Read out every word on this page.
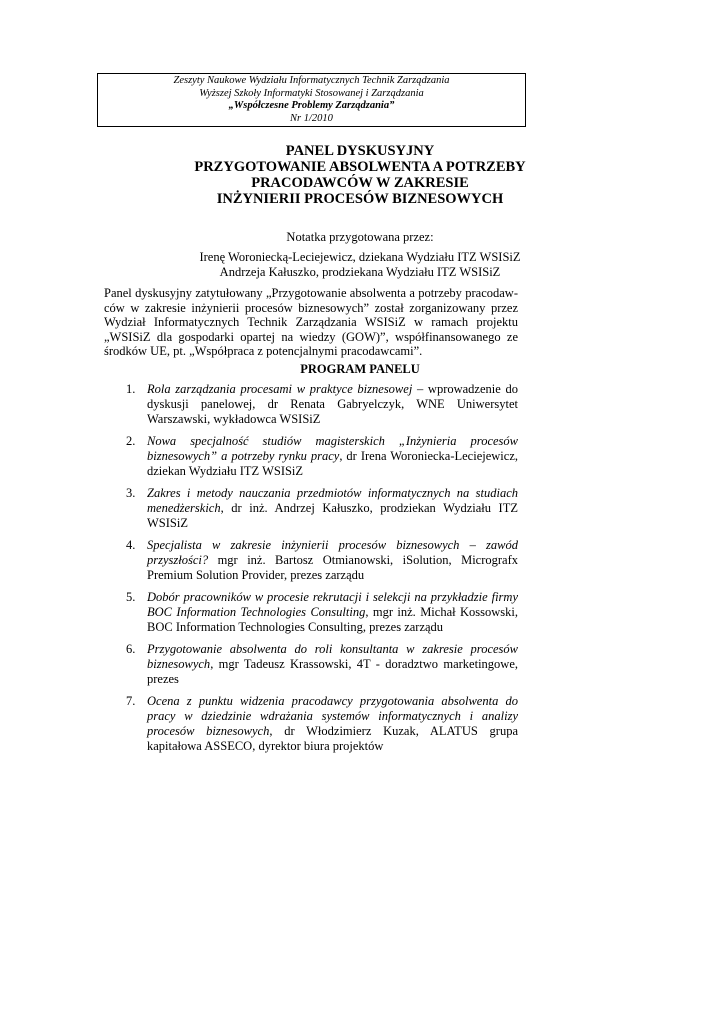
Zeszyty Naukowe Wydziału Informatycznych Technik Zarządzania
Wyższej Szkoły Informatyki Stosowanej i Zarządzania
„Współczesne Problemy Zarządzania”
Nr 1/2010
PANEL DYSKUSYJNY
PRZYGOTOWANIE ABSOLWENTA A POTRZEBY
PRACODAWCÓW W ZAKRESIE
INŻYNIERII PROCESÓW BIZNESOWYCH
Notatka przygotowana przez:
Irenę Woroniecką-Leciejewicz, dziekana Wydziału ITZ WSISiZ
Andrzeja Kałuszko, prodziekana Wydziału ITZ WSISiZ
Panel dyskusyjny zatytułowany „Przygotowanie absolwenta a potrzeby pracodawców w zakresie inżynierii procesów biznesowych” został zorganizowany przez Wydział Informatycznych Technik Zarządzania WSISiZ w ramach projektu „WSISiZ dla gospodarki opartej na wiedzy (GOW)”, współfinansowanego ze środków UE, pt. „Współpraca z potencjalnymi pracodawcami”.
PROGRAM PANELU
1. Rola zarządzania procesami w praktyce biznesowej – wprowadzenie do dyskusji panelowej, dr Renata Gabryelczyk, WNE Uniwersytet Warszawski, wykładowca WSISiZ
2. Nowa specjalność studiów magisterskich „Inżynieria procesów biznesowych” a potrzeby rynku pracy, dr Irena Woroniecka-Leciejewicz, dziekan Wydziału ITZ WSISiZ
3. Zakres i metody nauczania przedmiotów informatycznych na studiach menedżerskich, dr inż. Andrzej Kałuszko, prodziekan Wydziału ITZ WSISiZ
4. Specjalista w zakresie inżynierii procesów biznesowych – zawód przyszłości? mgr inż. Bartosz Otmianowski, iSolution, Micrografx Premium Solution Provider, prezes zarządu
5. Dobór pracowników w procesie rekrutacji i selekcji na przykładzie firmy BOC Information Technologies Consulting, mgr inż. Michał Kossowski, BOC Information Technologies Consulting, prezes zarządu
6. Przygotowanie absolwenta do roli konsultanta w zakresie procesów biznesowych, mgr Tadeusz Krassowski, 4T - doradztwo marketingowe, prezes
7. Ocena z punktu widzenia pracodawcy przygotowania absolwenta do pracy w dziedzinie wdrażania systemów informatycznych i analizy procesów biznesowych, dr Włodzimierz Kuzak, ALATUS grupa kapitałowa ASSECO, dyrektor biura projektów
